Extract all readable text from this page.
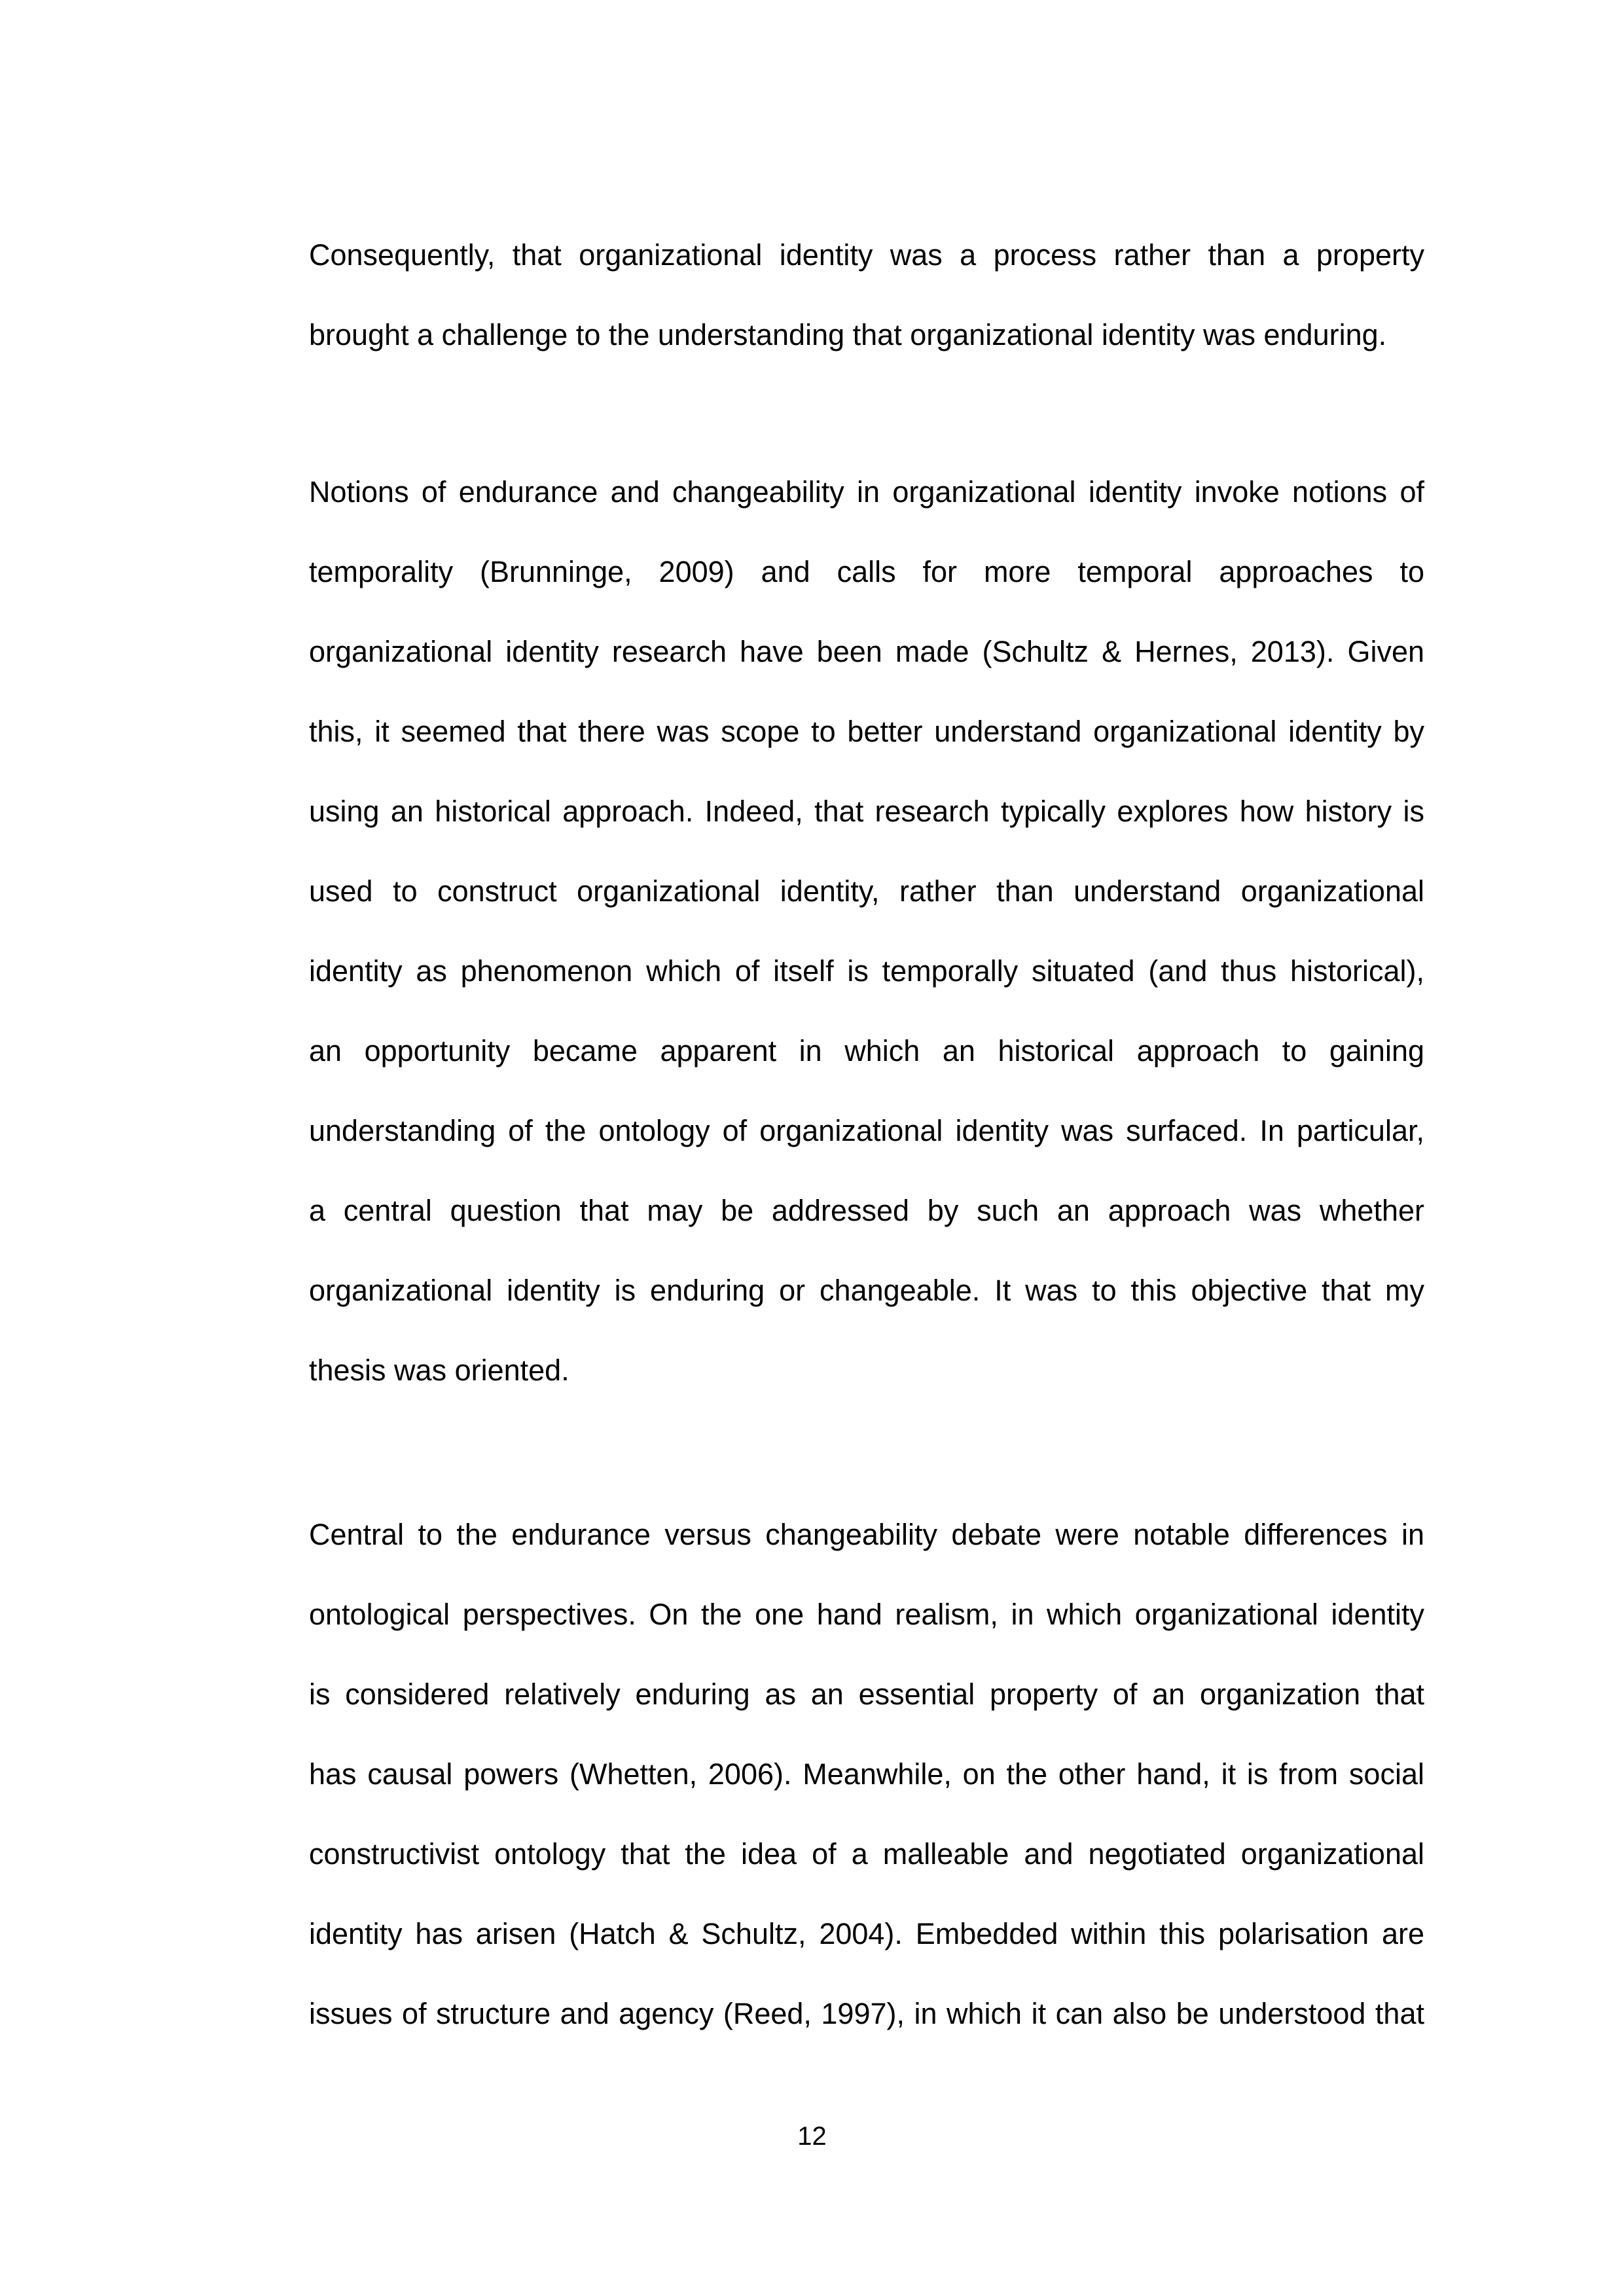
Consequently, that organizational identity was a process rather than a property
brought a challenge to the understanding that organizational identity was enduring.
Notions of endurance and changeability in organizational identity invoke notions of
temporality (Brunninge, 2009) and calls for more temporal approaches to
organizational identity research have been made (Schultz & Hernes, 2013). Given
this, it seemed that there was scope to better understand organizational identity by
using an historical approach. Indeed, that research typically explores how history is
used to construct organizational identity, rather than understand organizational
identity as phenomenon which of itself is temporally situated (and thus historical),
an opportunity became apparent in which an historical approach to gaining
understanding of the ontology of organizational identity was surfaced. In particular,
a central question that may be addressed by such an approach was whether
organizational identity is enduring or changeable. It was to this objective that my
thesis was oriented.
Central to the endurance versus changeability debate were notable differences in
ontological perspectives. On the one hand realism, in which organizational identity
is considered relatively enduring as an essential property of an organization that
has causal powers (Whetten, 2006). Meanwhile, on the other hand, it is from social
constructivist ontology that the idea of a malleable and negotiated organizational
identity has arisen (Hatch & Schultz, 2004). Embedded within this polarisation are
issues of structure and agency (Reed, 1997), in which it can also be understood that
12
